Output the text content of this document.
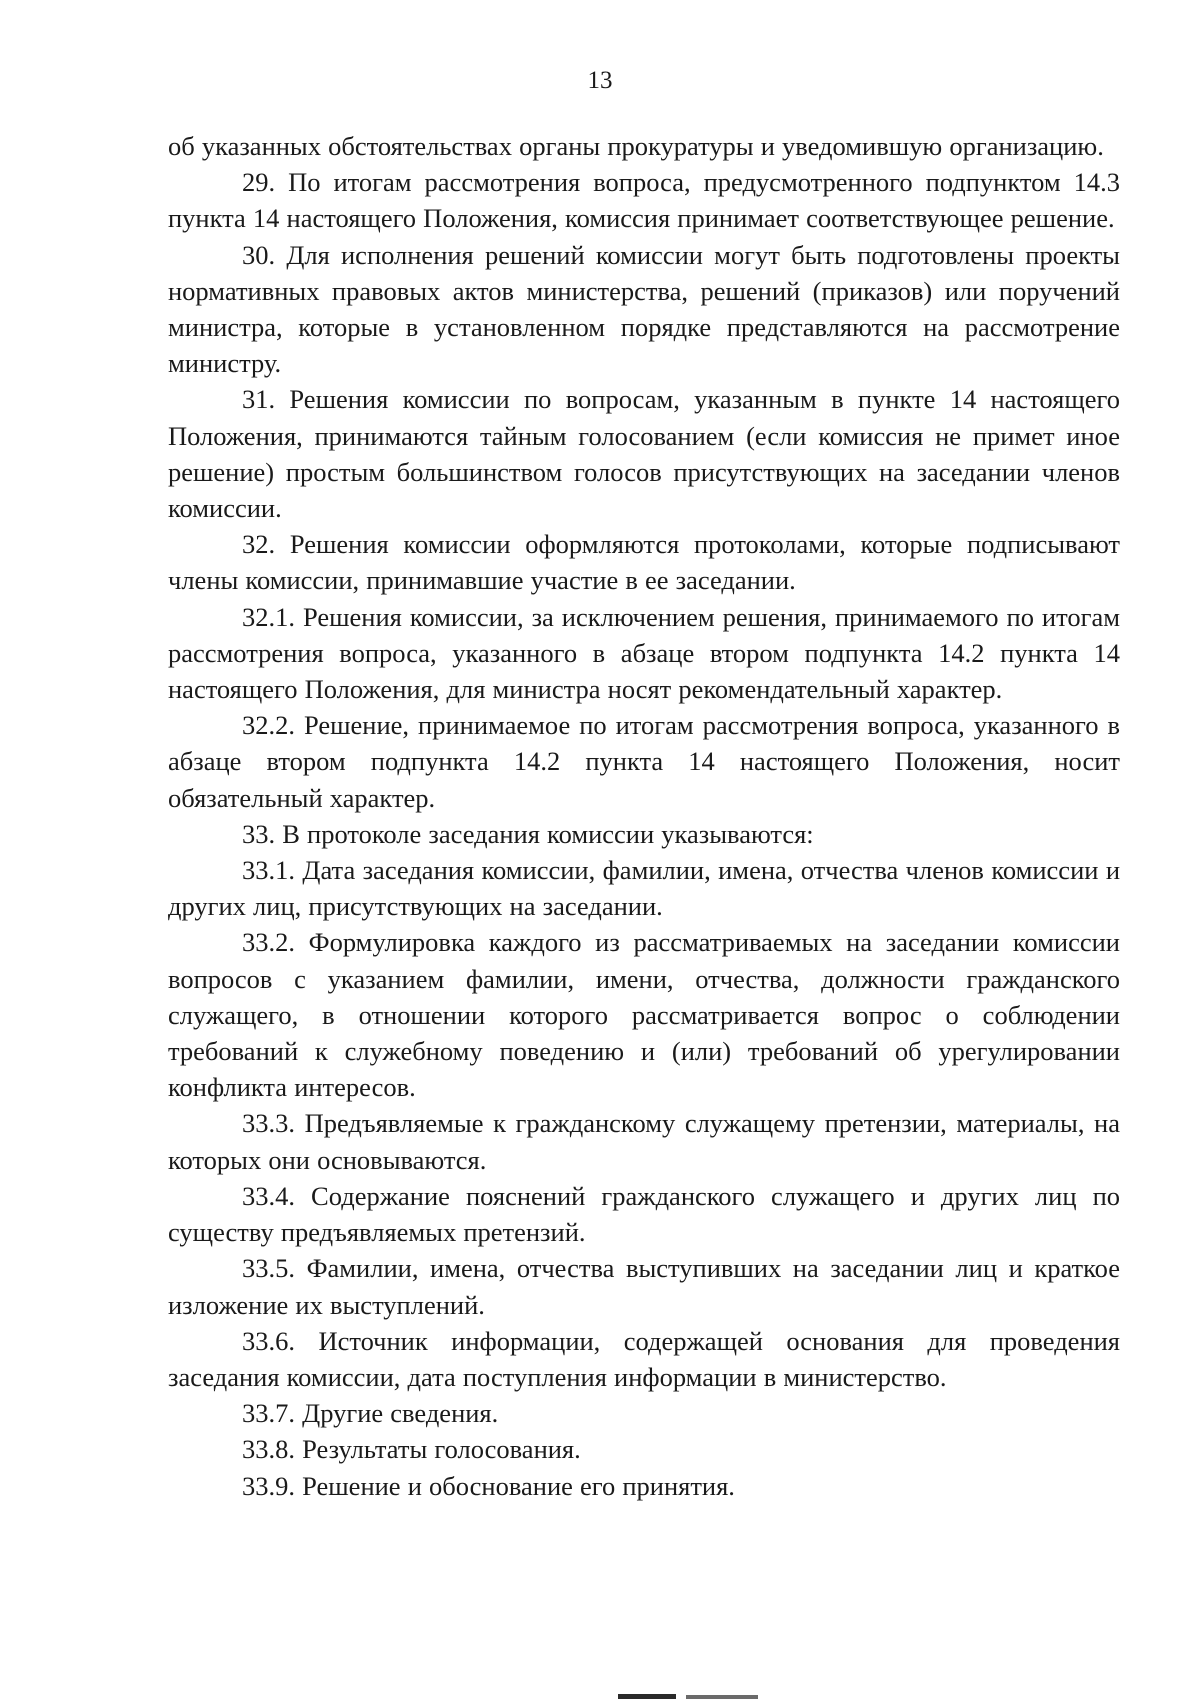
13

об указанных обстоятельствах органы прокуратуры и уведомившую организацию.

29. По итогам рассмотрения вопроса, предусмотренного подпунктом 14.3 пункта 14 настоящего Положения, комиссия принимает соответствующее решение.

30. Для исполнения решений комиссии могут быть подготовлены проекты нормативных правовых актов министерства, решений (приказов) или поручений министра, которые в установленном порядке представляются на рассмотрение министру.

31. Решения комиссии по вопросам, указанным в пункте 14 настоящего Положения, принимаются тайным голосованием (если комиссия не примет иное решение) простым большинством голосов присутствующих на заседании членов комиссии.

32. Решения комиссии оформляются протоколами, которые подписывают члены комиссии, принимавшие участие в ее заседании.

32.1. Решения комиссии, за исключением решения, принимаемого по итогам рассмотрения вопроса, указанного в абзаце втором подпункта 14.2 пункта 14 настоящего Положения, для министра носят рекомендательный характер.

32.2. Решение, принимаемое по итогам рассмотрения вопроса, указанного в абзаце втором подпункта 14.2 пункта 14 настоящего Положения, носит обязательный характер.

33. В протоколе заседания комиссии указываются:

33.1. Дата заседания комиссии, фамилии, имена, отчества членов комиссии и других лиц, присутствующих на заседании.

33.2. Формулировка каждого из рассматриваемых на заседании комиссии вопросов с указанием фамилии, имени, отчества, должности гражданского служащего, в отношении которого рассматривается вопрос о соблюдении требований к служебному поведению и (или) требований об урегулировании конфликта интересов.

33.3. Предъявляемые к гражданскому служащему претензии, материалы, на которых они основываются.

33.4. Содержание пояснений гражданского служащего и других лиц по существу предъявляемых претензий.

33.5. Фамилии, имена, отчества выступивших на заседании лиц и краткое изложение их выступлений.

33.6. Источник информации, содержащей основания для проведения заседания комиссии, дата поступления информации в министерство.

33.7. Другие сведения.

33.8. Результаты голосования.

33.9. Решение и обоснование его принятия.
